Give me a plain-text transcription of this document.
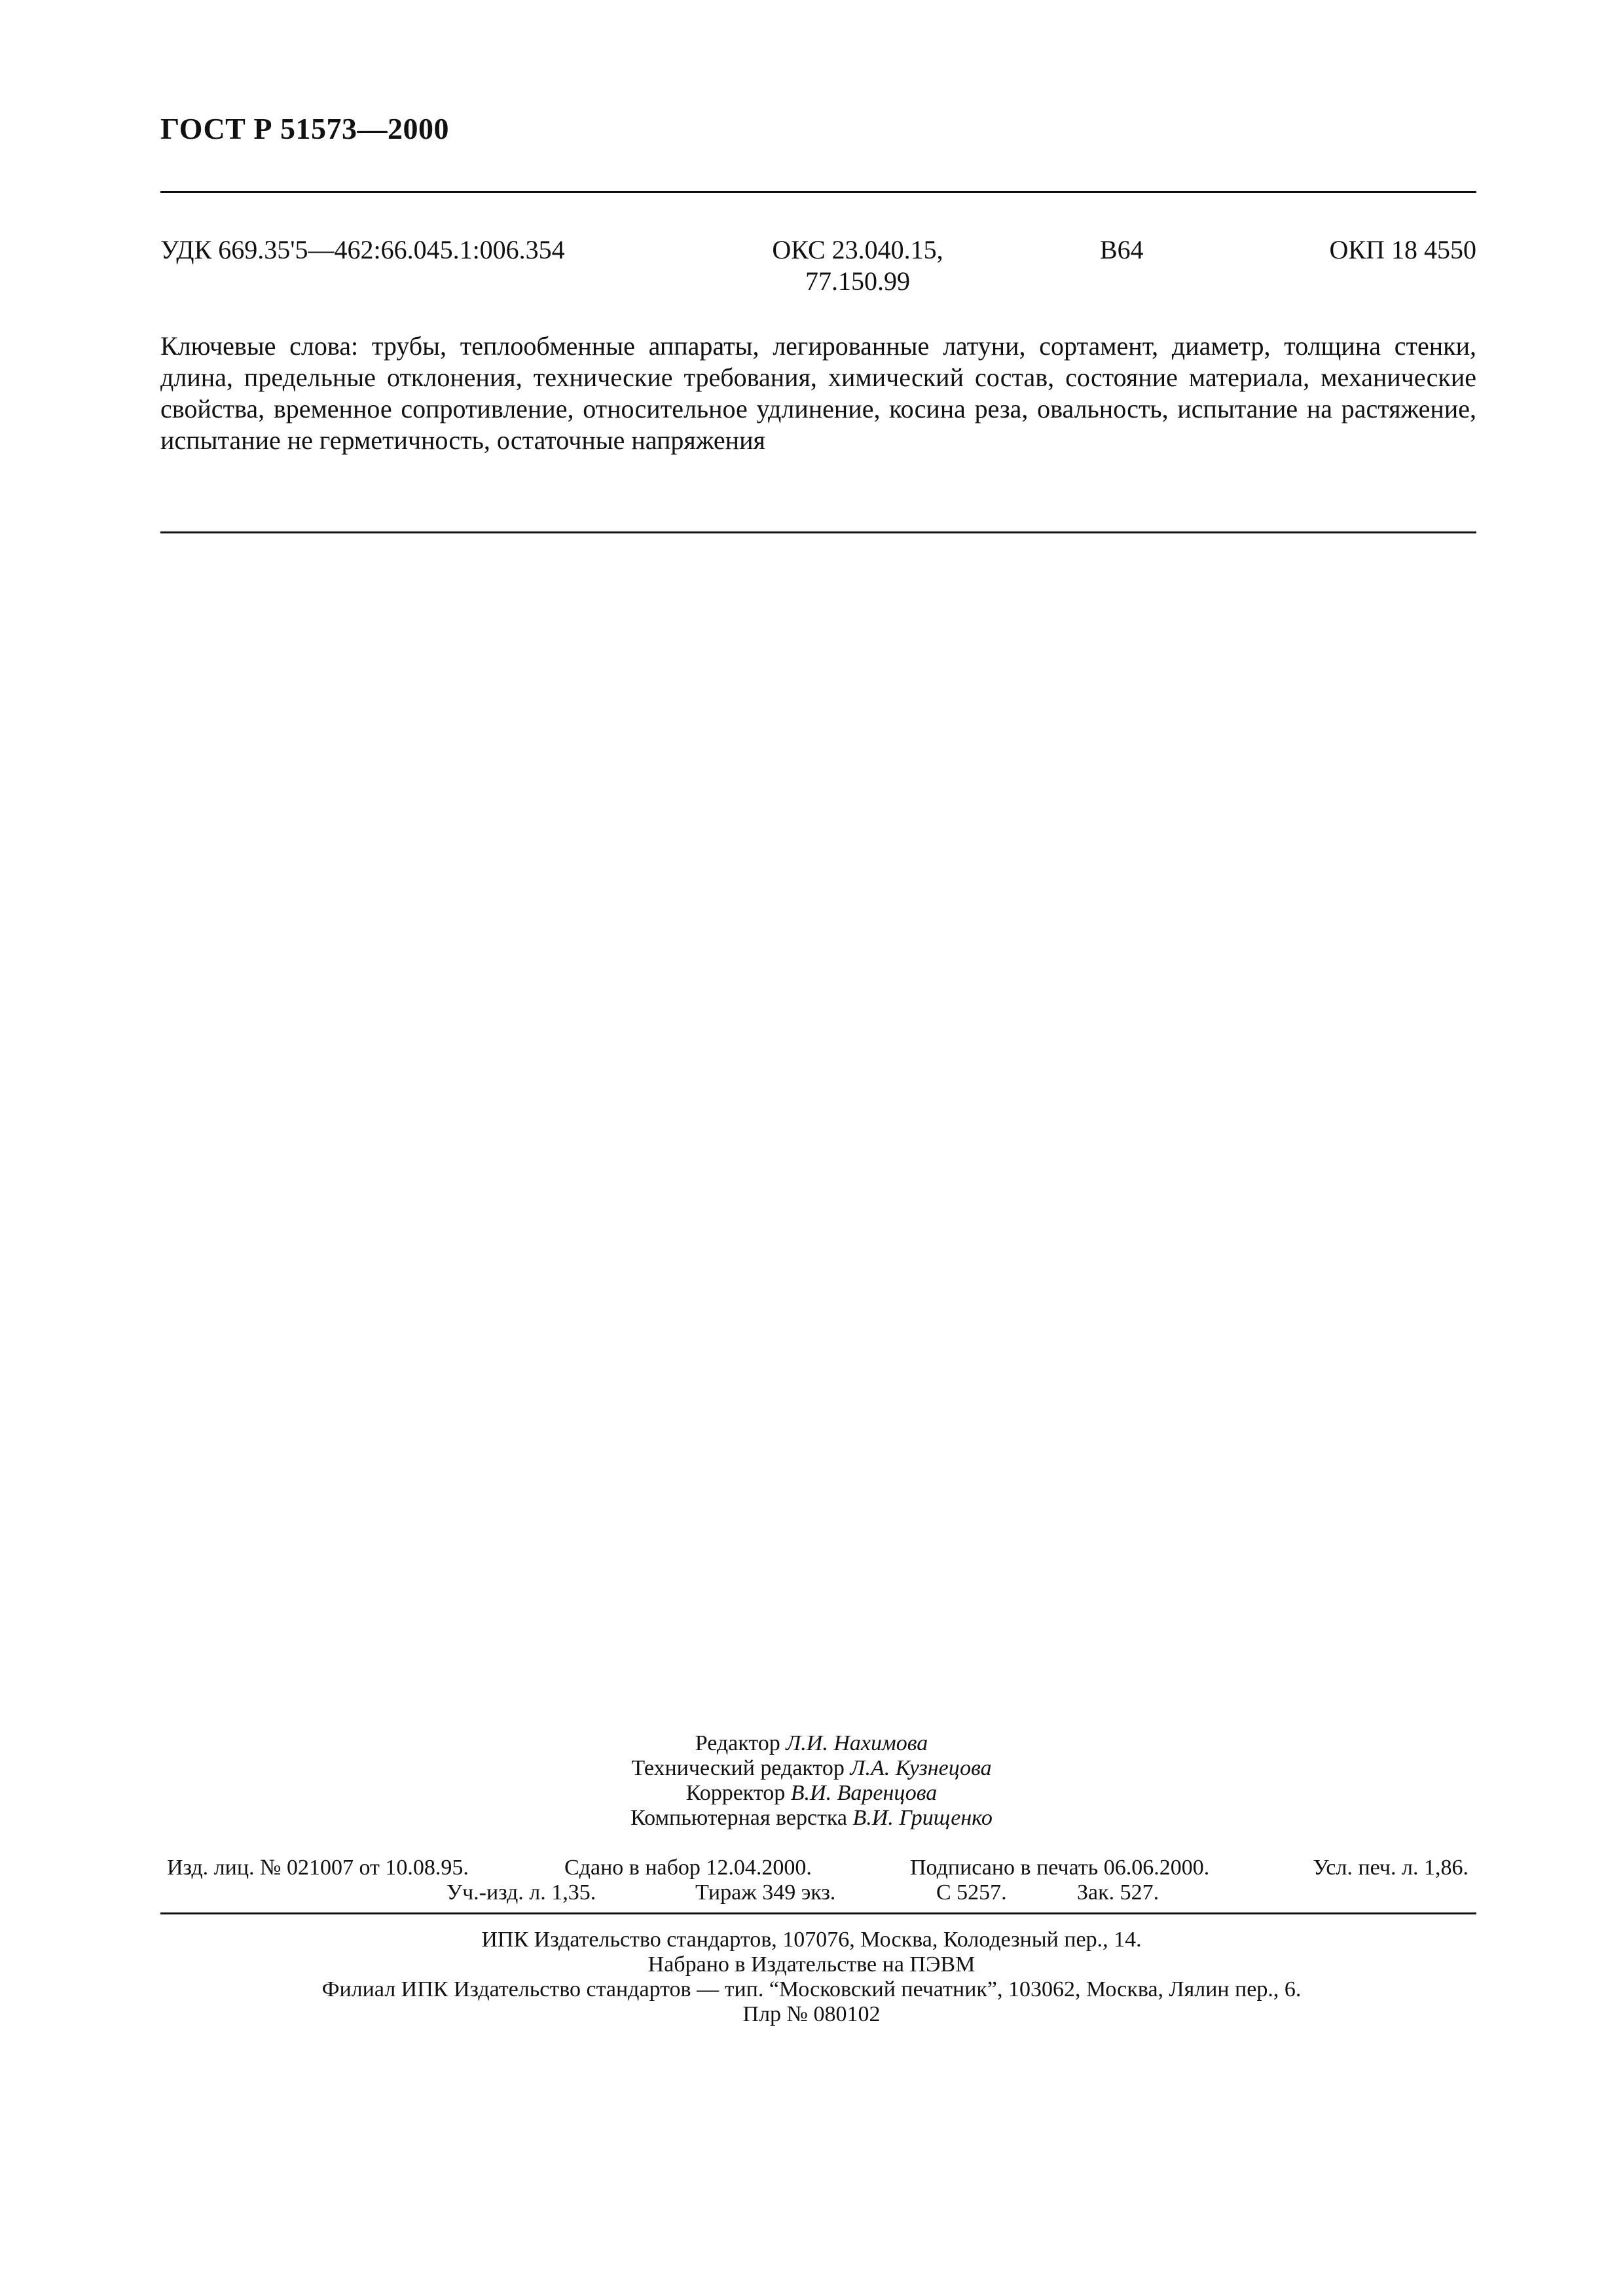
ГОСТ Р 51573—2000
УДК 669.35'5—462:66.045.1:006.354	ОКС 23.040.15,
77.150.99
В64	ОКП 18 4550
Ключевые слова: трубы, теплообменные аппараты, легированные латуни, сортамент, диаметр, толщина стенки, длина, предельные отклонения, технические требования, химический состав, состояние материала, механические свойства, временное сопротивление, относительное удлинение, косина реза, овальность, испытание на растяжение, испытание не герметичность, остаточные напряжения
Редактор Л.И. Нахимова
Технический редактор Л.А. Кузнецова
Корректор В.И. Варенцова
Компьютерная верстка В.И. Грищенко
Изд. лиц. № 021007 от 10.08.95.	Сдано в набор 12.04.2000.	Подписано в печать 06.06.2000.	Усл. печ. л. 1,86.
Уч.-изд. л. 1,35.	Тираж 349 экз.	С 5257.	Зак. 527.
ИПК Издательство стандартов, 107076, Москва, Колодезный пер., 14.
Набрано в Издательстве на ПЭВМ
Филиал ИПК Издательство стандартов — тип. “Московский печатник”, 103062, Москва, Лялин пер., 6.
Плр № 080102
